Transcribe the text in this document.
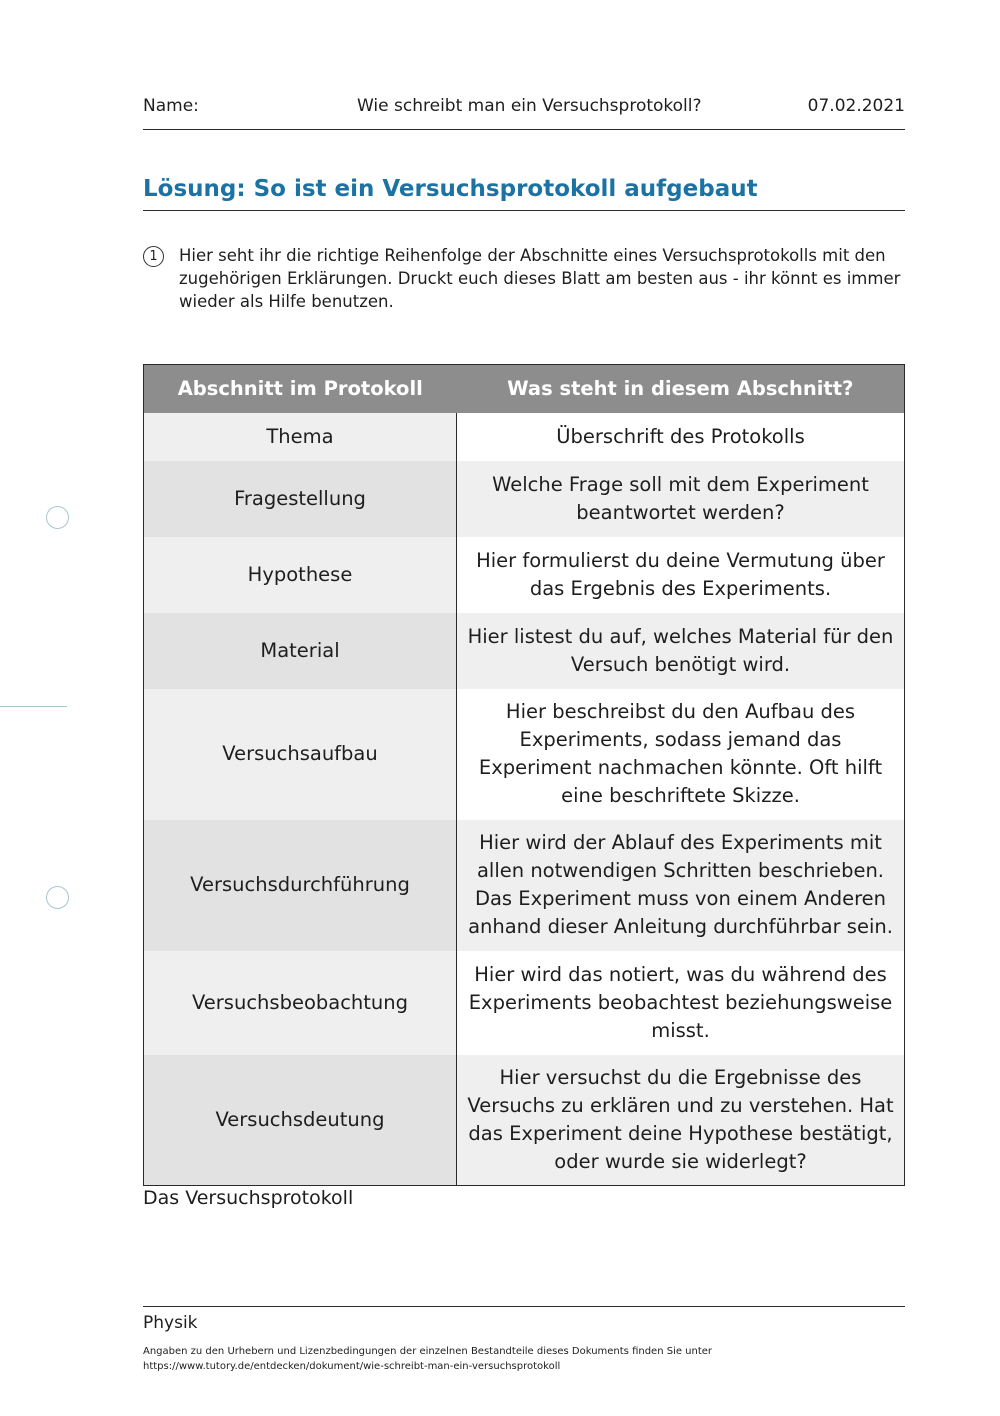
Name:	Wie schreibt man ein Versuchsprotokoll?	07.02.2021
Lösung: So ist ein Versuchsprotokoll aufgebaut
1	Hier seht ihr die richtige Reihenfolge der Abschnitte eines Versuchsprotokolls mit den zugehörigen Erklärungen. Druckt euch dieses Blatt am besten aus - ihr könnt es immer wieder als Hilfe benutzen.
Abschnitt im Protokoll	Was steht in diesem Abschnitt?
Thema	Überschrift des Protokolls
Fragestellung	Welche Frage soll mit dem Experiment beantwortet werden?
Hypothese	Hier formulierst du deine Vermutung über das Ergebnis des Experiments.
Material	Hier listest du auf, welches Material für den Versuch benötigt wird.
Versuchsaufbau	Hier beschreibst du den Aufbau des Experiments, sodass jemand das Experiment nachmachen könnte. Oft hilft eine beschriftete Skizze.
Versuchsdurchführung	Hier wird der Ablauf des Experiments mit allen notwendigen Schritten beschrieben. Das Experiment muss von einem Anderen anhand dieser Anleitung durchführbar sein.
Versuchsbeobachtung	Hier wird das notiert, was du während des Experiments beobachtest beziehungsweise misst.
Versuchsdeutung	Hier versuchst du die Ergebnisse des Versuchs zu erklären und zu verstehen. Hat das Experiment deine Hypothese bestätigt, oder wurde sie widerlegt?
Das Versuchsprotokoll
Physik
Angaben zu den Urhebern und Lizenzbedingungen der einzelnen Bestandteile dieses Dokuments finden Sie unter
https://www.tutory.de/entdecken/dokument/wie-schreibt-man-ein-versuchsprotokoll
